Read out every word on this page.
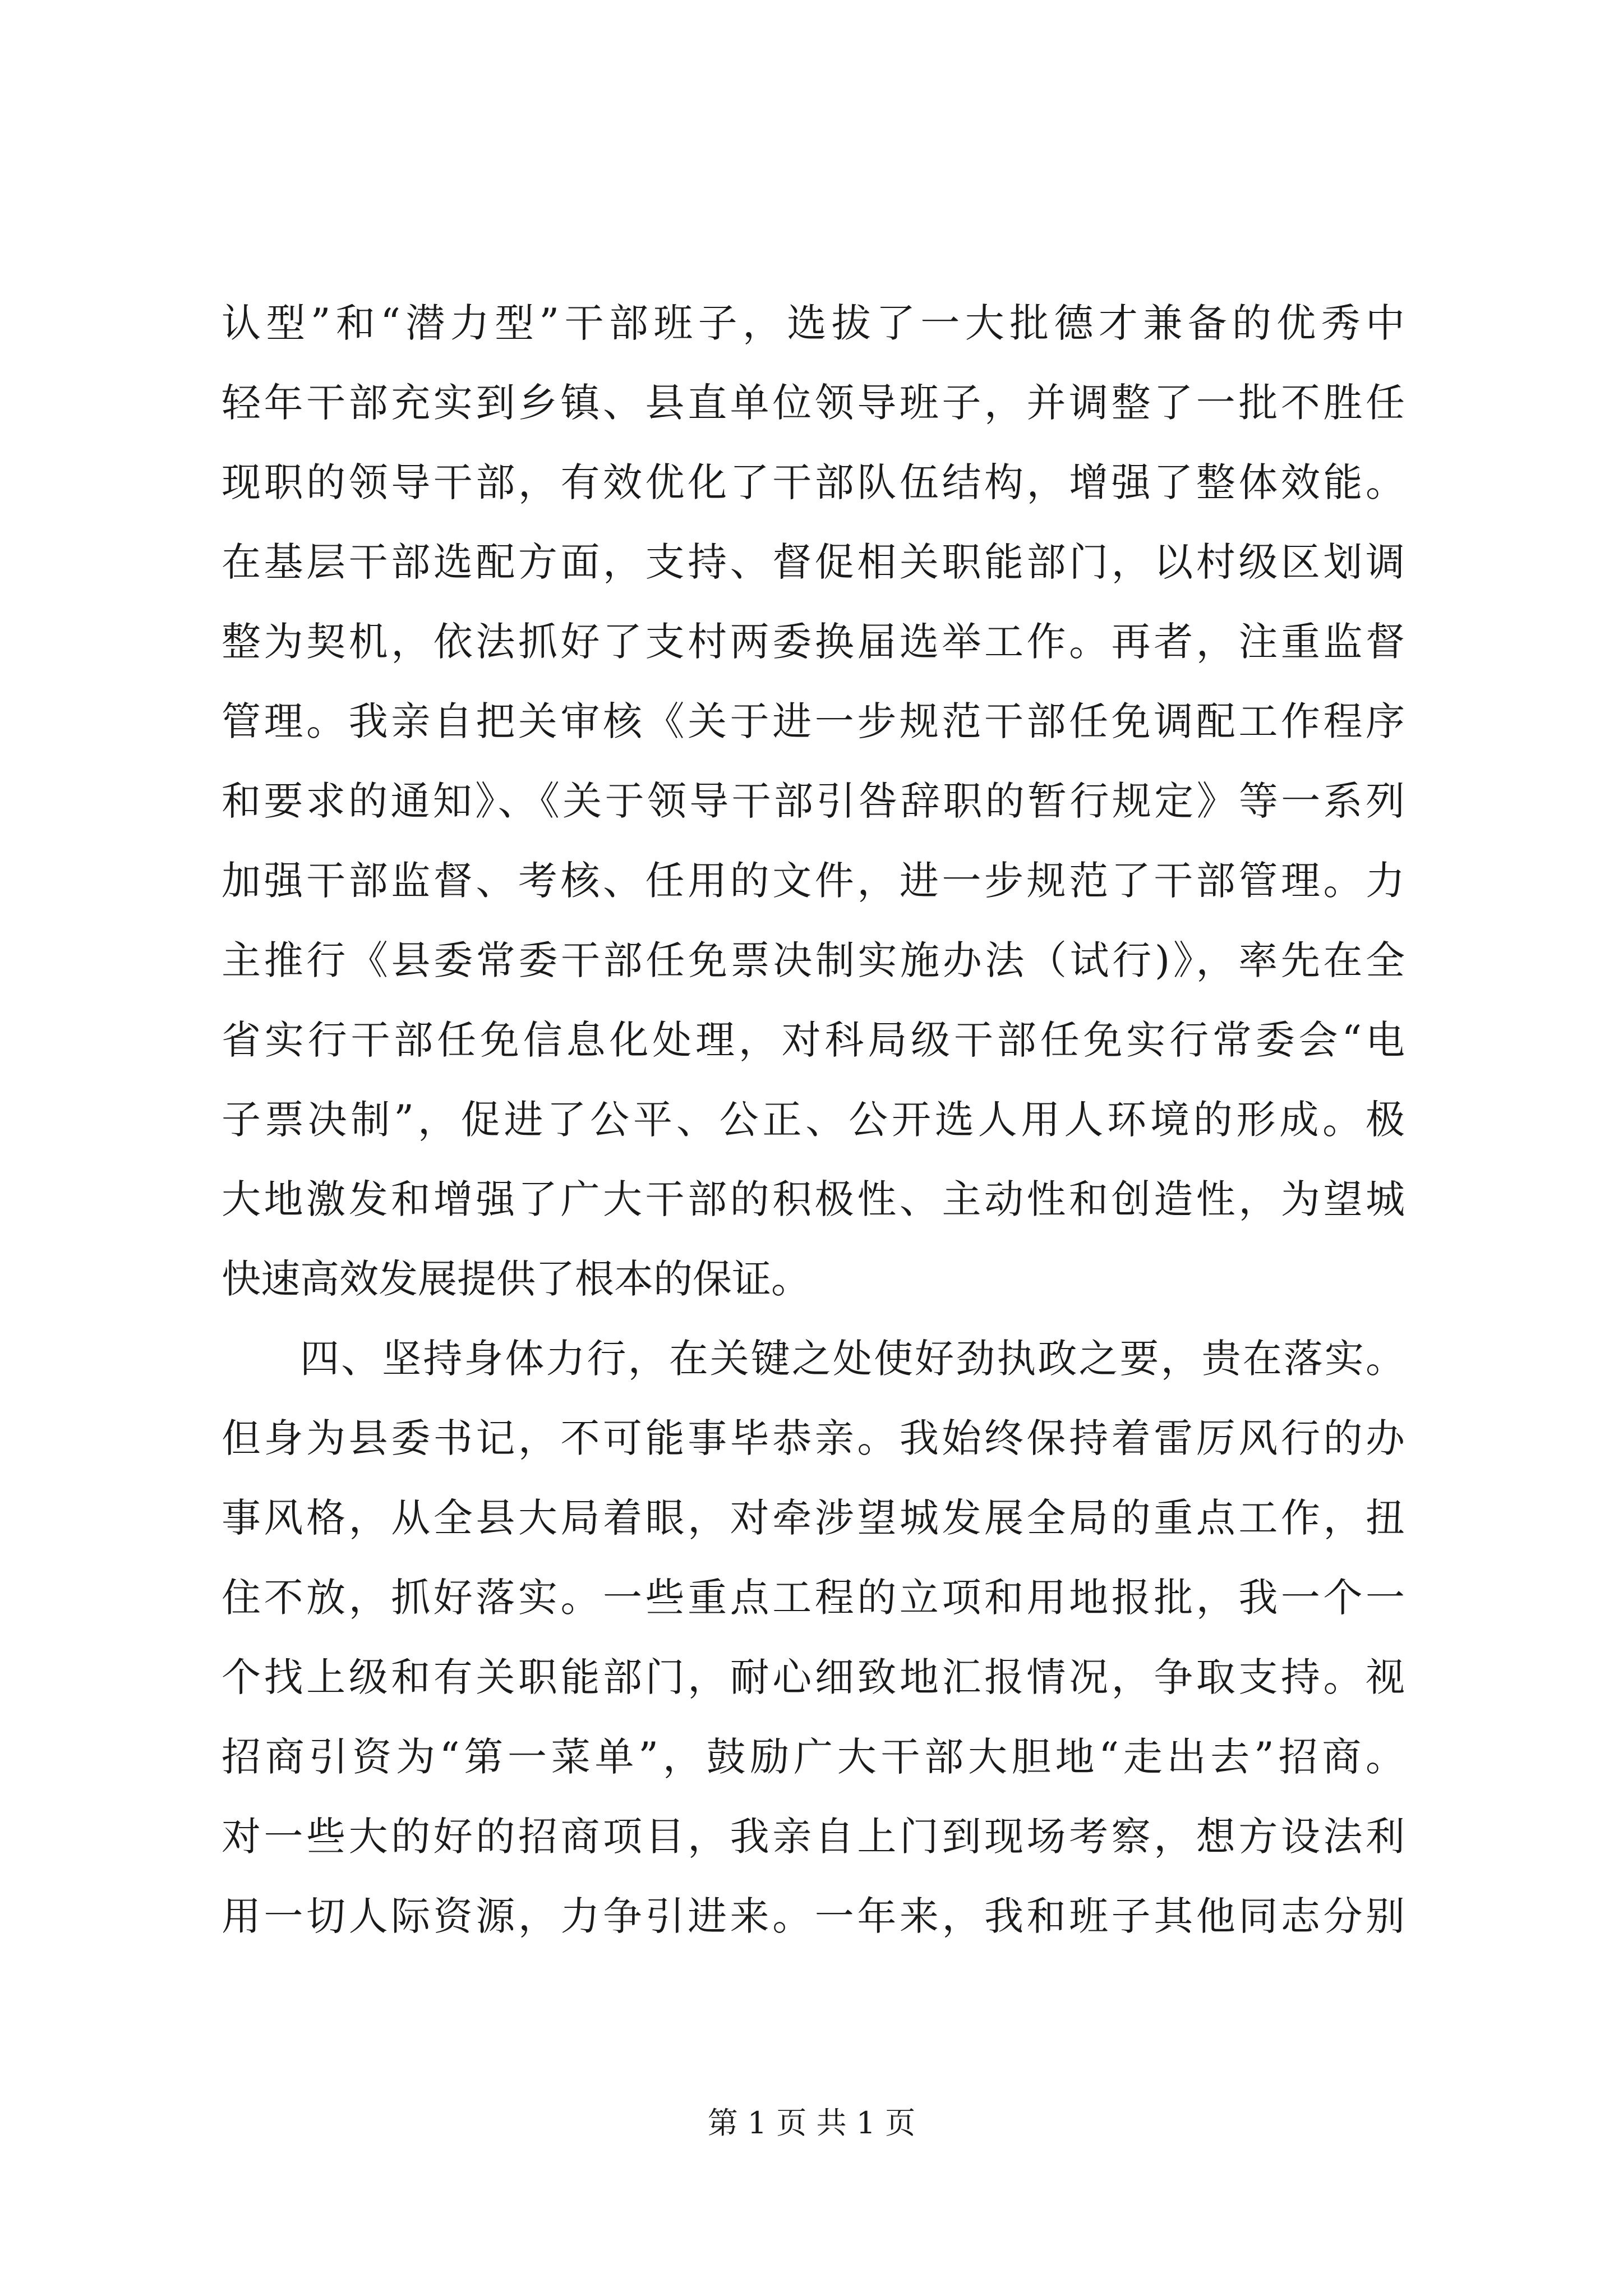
认型”和“潜力型”干部班子，选拔了一大批德才兼备的优秀中
轻年干部充实到乡镇、县直单位领导班子，并调整了一批不胜任
现职的领导干部，有效优化了干部队伍结构，增强了整体效能。
在基层干部选配方面，支持、督促相关职能部门，以村级区划调
整为契机，依法抓好了支村两委换届选举工作。再者，注重监督
管理。我亲自把关审核《关于进一步规范干部任免调配工作程序
和要求的通知》、《关于领导干部引咎辞职的暂行规定》等一系列
加强干部监督、考核、任用的文件，进一步规范了干部管理。力
主推行《县委常委干部任免票决制实施办法（试行)》，率先在全
省实行干部任免信息化处理，对科局级干部任免实行常委会“电
子票决制”，促进了公平、公正、公开选人用人环境的形成。极
大地激发和增强了广大干部的积极性、主动性和创造性，为望城
快速高效发展提供了根本的保证。
四、坚持身体力行，在关键之处使好劲执政之要，贵在落实。
但身为县委书记，不可能事毕恭亲。我始终保持着雷厉风行的办
事风格，从全县大局着眼，对牵涉望城发展全局的重点工作，扭
住不放，抓好落实。一些重点工程的立项和用地报批，我一个一
个找上级和有关职能部门，耐心细致地汇报情况，争取支持。视
招商引资为“第一菜单”，鼓励广大干部大胆地“走出去”招商。
对一些大的好的招商项目，我亲自上门到现场考察，想方设法利
用一切人际资源，力争引进来。一年来，我和班子其他同志分别
第 1 页 共 1 页
